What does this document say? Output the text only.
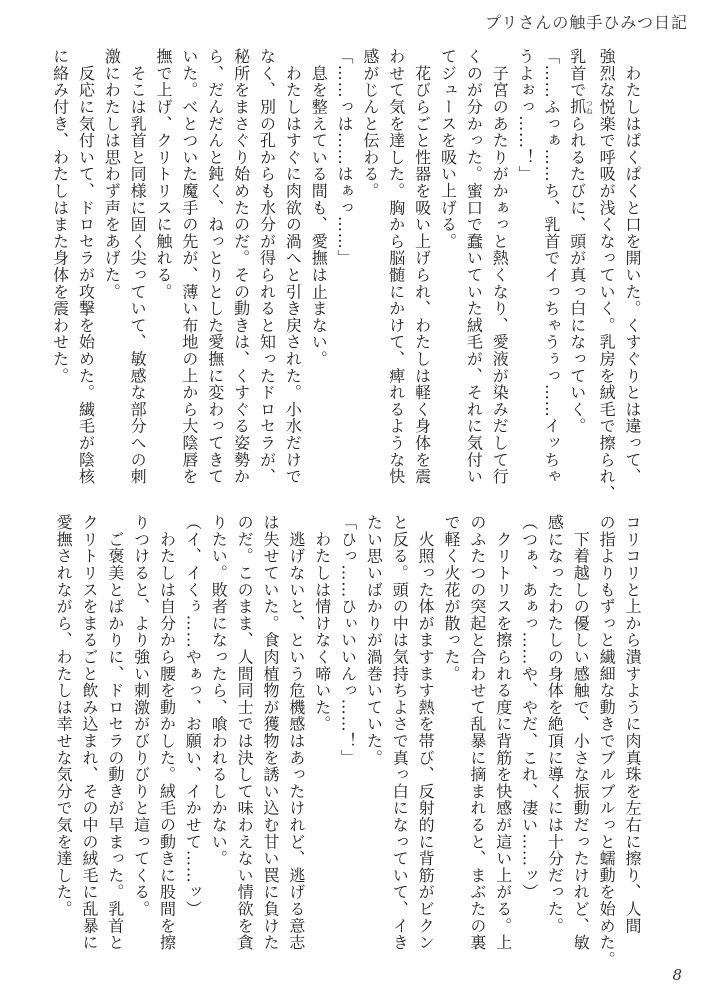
プリさんの触手ひみつ日記
　わたしはぱくぱくと口を開いた。くすぐりとは違って、
強烈な悦楽で呼吸が浅くなっていく。乳房を絨毛で擦られ、
乳首で抓つねられるたびに、頭が真っ白になっていく。
「……ふっぁ……ち、乳首でイっちゃうぅっ……イッちゃ
うよぉっ……！」
　子宮のあたりがかぁっと熱くなり、愛液が染みだして行
くのが分かった。蜜口で蠢いていた絨毛が、それに気付い
てジュースを吸い上げる。
　花びらごと性器を吸い上げられ、わたしは軽く身体を震
わせて気を達した。胸から脳髄にかけて、痺れるような快
感がじんと伝わる。
「……っは……はぁっ……」
　息を整えている間も、愛撫は止まない。
　わたしはすぐに肉欲の渦へと引き戻された。小水だけで
なく、別の孔からも水分が得られると知ったドロセラが、
秘所をまさぐり始めたのだ。その動きは、くすぐる姿勢か
ら、だんだんと鈍く、ねっとりとした愛撫に変わってきて
いた。べとついた魔手の先が、薄い布地の上から大陰唇を
撫で上げ、クリトリスに触れる。
　そこは乳首と同様に固く尖っていて、敏感な部分への刺
激にわたしは思わず声をあげた。
　反応に気付いて、ドロセラが攻撃を始めた。繊毛が陰核
に絡み付き、わたしはまた身体を震わせた。
コリコリと上から潰すように肉真珠を左右に擦り、人間
の指よりもずっと繊細な動きでブルブルっと蠕動を始めた。
　下着越しの優しい感触で、小さな振動だったけれど、敏
感になったわたしの身体を絶頂に導くには十分だった。
（つぁ、あぁっ……や、やだ、これ、凄い……ッ）
　クリトリスを擦られる度に背筋を快感が這い上がる。上
のふたつの突起と合わせて乱暴に摘まれると、まぶたの裏
で軽く火花が散った。
　火照った体がますます熱を帯び、反射的に背筋がビクン
と反る。頭の中は気持ちよさで真っ白になっていて、イき
たい思いばかりが渦巻いていた。
「ひっ……ひぃいいんっ……！」
　わたしは情けなく啼いた。
　逃げないと、という危機感はあったけれど、逃げる意志
は失せていた。食肉植物が獲物を誘い込む甘い罠に負けた
のだ。このまま、人間同士では決して味わえない情欲を貪
りたい。敗者になったら、喰われるしかない。
（イ、イくぅ……やぁっ、お願い、イかせて……ッ）
　わたしは自分から腰を動かした。絨毛の動きに股間を擦
りつけると、より強い刺激がびりびりと這ってくる。
　ご褒美とばかりに、ドロセラの動きが早まった。乳首と
クリトリスをまるごと飲み込まれ、その中の絨毛に乱暴に
愛撫されながら、わたしは幸せな気分で気を達した。
8
